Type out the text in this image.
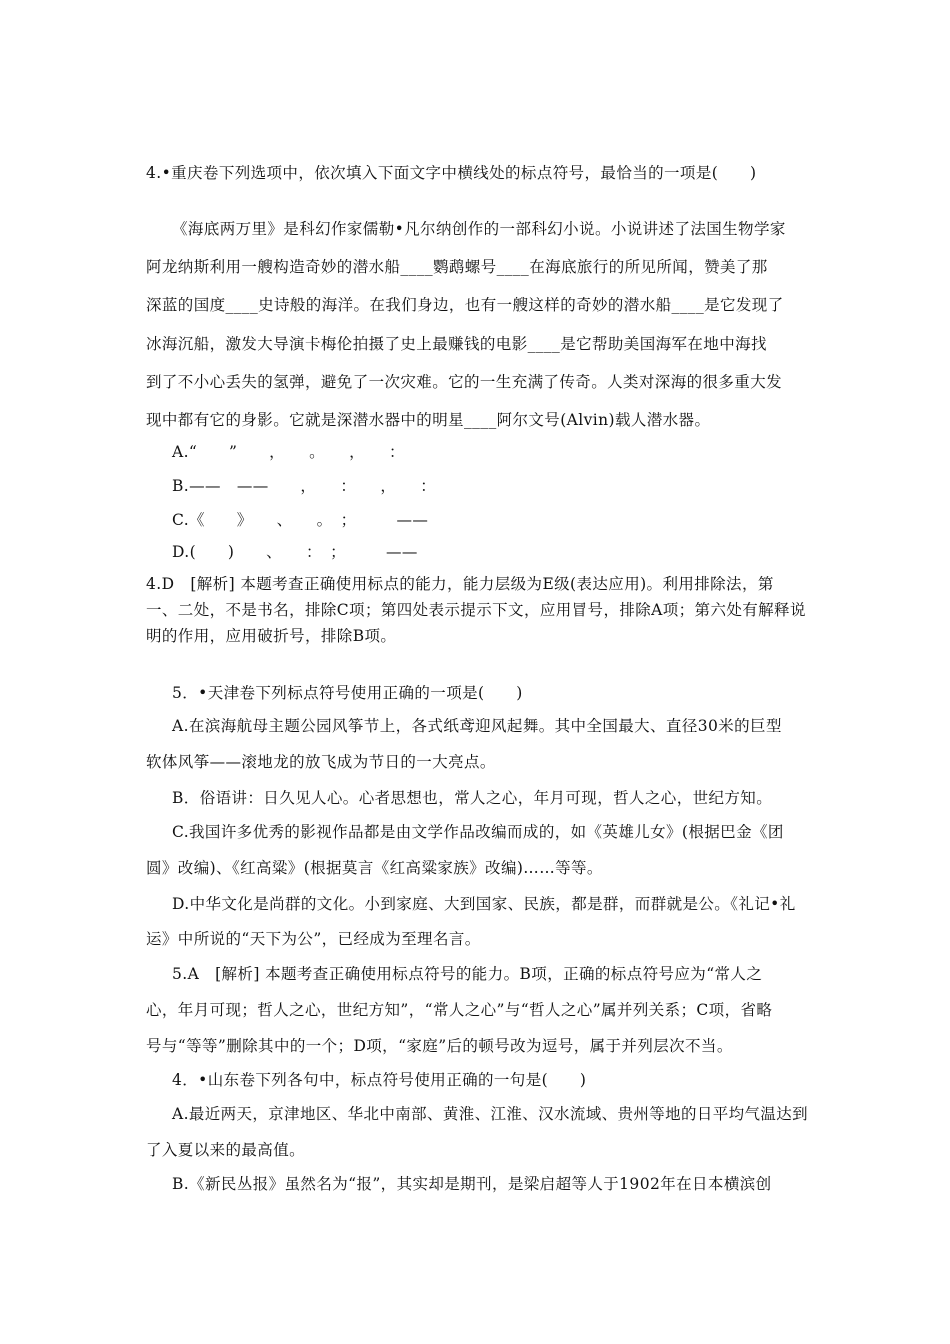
4.•重庆卷下列选项中，依次填入下面文字中横线处的标点符号，最恰当的一项是(　　)
《海底两万里》是科幻作家儒勒•凡尔纳创作的一部科幻小说。小说讲述了法国生物学家
阿龙纳斯利用一艘构造奇妙的潜水船____鹦鹉螺号____在海底旅行的所见所闻，赞美了那
深蓝的国度____史诗般的海洋。在我们身边，也有一艘这样的奇妙的潜水船____是它发现了
冰海沉船，激发大导演卡梅伦拍摄了史上最赚钱的电影____是它帮助美国海军在地中海找
到了不小心丢失的氢弹，避免了一次灾难。它的一生充满了传奇。人类对深海的很多重大发
现中都有它的身影。它就是深潜水器中的明星____阿尔文号(Alvin)载人潜水器。
A.“　　”　　，　　。　　，　　：
B.——　——　　，　　：　　，　　：
C.《　　》　　、　　。　；　　　——
D.(　　)　　、　　：　；　　　——
4.D　[解析] 本题考查正确使用标点的能力，能力层级为E级(表达应用)。利用排除法，第
一、二处，不是书名，排除C项；第四处表示提示下文，应用冒号，排除A项；第六处有解释说
明的作用，应用破折号，排除B项。
5．•天津卷下列标点符号使用正确的一项是(　　)
A.在滨海航母主题公园风筝节上，各式纸鸢迎风起舞。其中全国最大、直径30米的巨型
软体风筝——滚地龙的放飞成为节日的一大亮点。
B．俗语讲：日久见人心。心者思想也，常人之心，年月可现，哲人之心，世纪方知。
C.我国许多优秀的影视作品都是由文学作品改编而成的，如《英雄儿女》(根据巴金《团
圆》改编)、《红高粱》(根据莫言《红高粱家族》改编)……等等。
D.中华文化是尚群的文化。小到家庭、大到国家、民族，都是群，而群就是公。《礼记•礼
运》中所说的“天下为公”，已经成为至理名言。
5.A　[解析] 本题考查正确使用标点符号的能力。B项，正确的标点符号应为“常人之
心，年月可现；哲人之心，世纪方知”，“常人之心”与“哲人之心”属并列关系；C项，省略
号与“等等”删除其中的一个；D项，“家庭”后的顿号改为逗号，属于并列层次不当。
4．•山东卷下列各句中，标点符号使用正确的一句是(　　)
A.最近两天，京津地区、华北中南部、黄淮、江淮、汉水流域、贵州等地的日平均气温达到
了入夏以来的最高值。
B.《新民丛报》虽然名为“报”，其实却是期刊，是梁启超等人于1902年在日本横滨创
